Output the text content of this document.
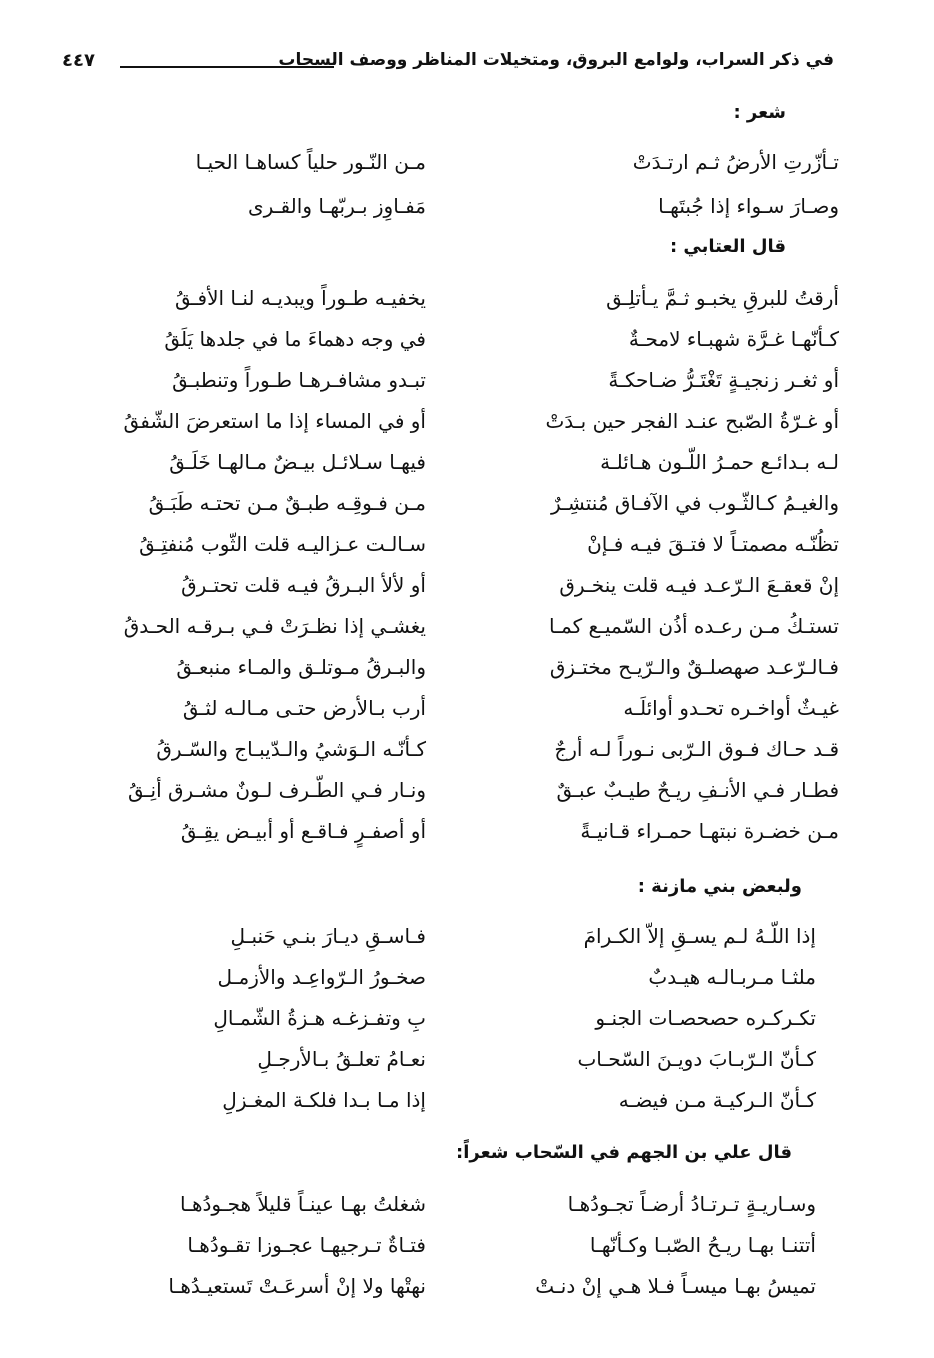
في ذكر السراب، ولوامع البروق، ومتخيلات المناظر ووصف السحاب
٤٤٧
شعر :
تـأزّرتِ الأرضُ ثـم ارتـدَتْ
مـن النّـور حلياً كساهـا الحيـا
وصـارَ سـواء إذا جُبتَهـا
مَفـاوِز بـربّهـا والقـرى
قال العتابي :
أرقتُ للبرقِ يخبـو ثـمَّ يـأتلِـق
يخفيـه طـوراً ويبديـه لنـا الأفـقُ
كـأنّهـا غـرَّة شهبـاء لامحـةٌ
في وجه دهماءَ ما في جلدها يَلَقُ
أو ثغـر زنجيـةٍ تَغْتَـرُّ ضـاحكـةً
تبـدو مشافـرهـا طـوراً وتنطبـقُ
أو غـرّةُ الصّبح عنـد الفجر حين بـدَتْ
أو في المساء إذا ما استعرضَ الشّفقُ
لـه بـدائـع حمـرُ اللّـون هـائلـة
فيهـا سـلائـل بيـضٌ مـالهـا خَلَـقُ
والغيـمُ كـالثّـوب في الآفـاق مُنتشِـرٌ
مـن فـوقِـه طبـقٌ مـن تحتـه طَبَـقُ
تظُنّـه مصمتـاً لا فتـقَ فيـه فـإنْ
سـالـت عـزاليـه قلت الثّوب مُنفتِـقُ
إنْ قعقـعَ الـرّعـد فيـه قلت ينخـرق
أو لألأ البـرقُ فيـه قلت تحتـرقُ
تستـكُ مـن رعـده أذُن السّميـع كمـا
يغشـي إذا نظـرَتْ فـي بـرقـه الحـدقُ
فـالـرّعـد صهصلـقٌ والـرّيـح مختـزق
والبـرقُ مـوتلـق والمـاء منبعـقُ
غيـثٌ أواخـره تحـدو أوائلَـه
أرب بـالأرض حتـى مـالـه لثـقُ
قـد حـاك فـوق الـرّبى نـوراً لـه أرجٌ
كـأنّـه الـوَشيُ والـدّيبـاج والسّـرقُ
فطـار فـي الأنـفِ ريـحٌ طيـبٌ عبـقٌ
ونـار فـي الطّـرف لـونٌ مشـرق أنِـقُ
مـن خضـرة نبتهـا حمـراء قـانيـةً
أو أصفـرٍ فـاقـع أو أبيـض يقِـقُ
ولبعض بني مازنة :
إذا اللّـهُ لـم يسـقِ إلاّ الكـرامَ
فـاسـقِ ديـارَ بنـي حَنبـلِ
ملثـا مـربـالـه هيـدبٌ
صخـورُ الـرّواعِـد والأزمـل
تكـركـره حصحصـات الجنـو
بِ وتفـزغـه هـزةُ الشّمـالِ
كـأنّ الـرّبـابَ دويـنَ السّحـاب
نعـامُ تعلـقُ بـالأرجـلِ
كـأنّ الـركيـة مـن فيضـه
إذا مـا بـدا فلكـة المغـزلِ
قال علي بن الجهم في السّحاب شعراً:
وسـاريـةٍ تـرتـادُ أرضـاً تجـودُهـا
شغلتُ بهـا عينـاً قليلاً هجـودُهـا
أتتنـا بهـا ريـحُ الصّبـا وكـأنّهـا
فتـاةٌ تـرجيهـا عجـوزا تقـودُهـا
تميسُ بهـا ميسـاً فـلا هـي إنْ دنـتْ
نهتْها ولا إنْ أسرعَـتْ تَستعيـدُهـا
